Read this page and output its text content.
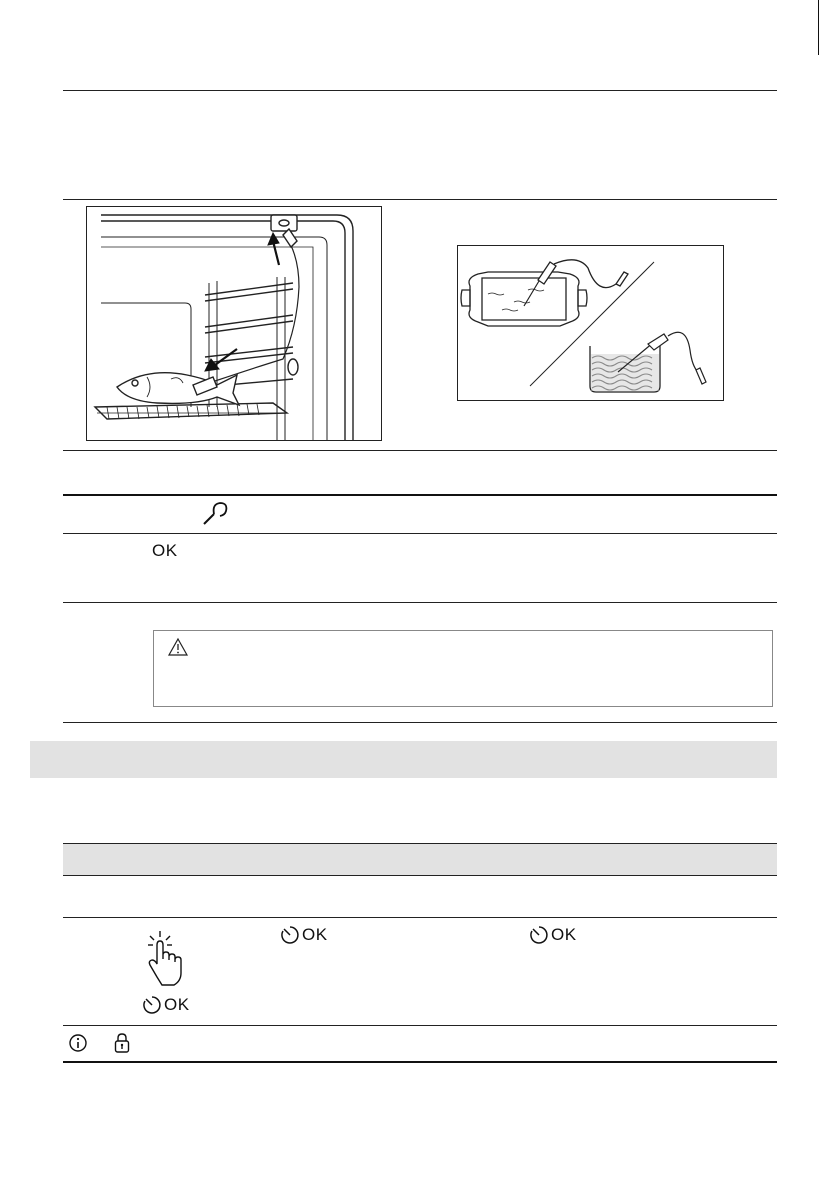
OK
OK
OK	OK
